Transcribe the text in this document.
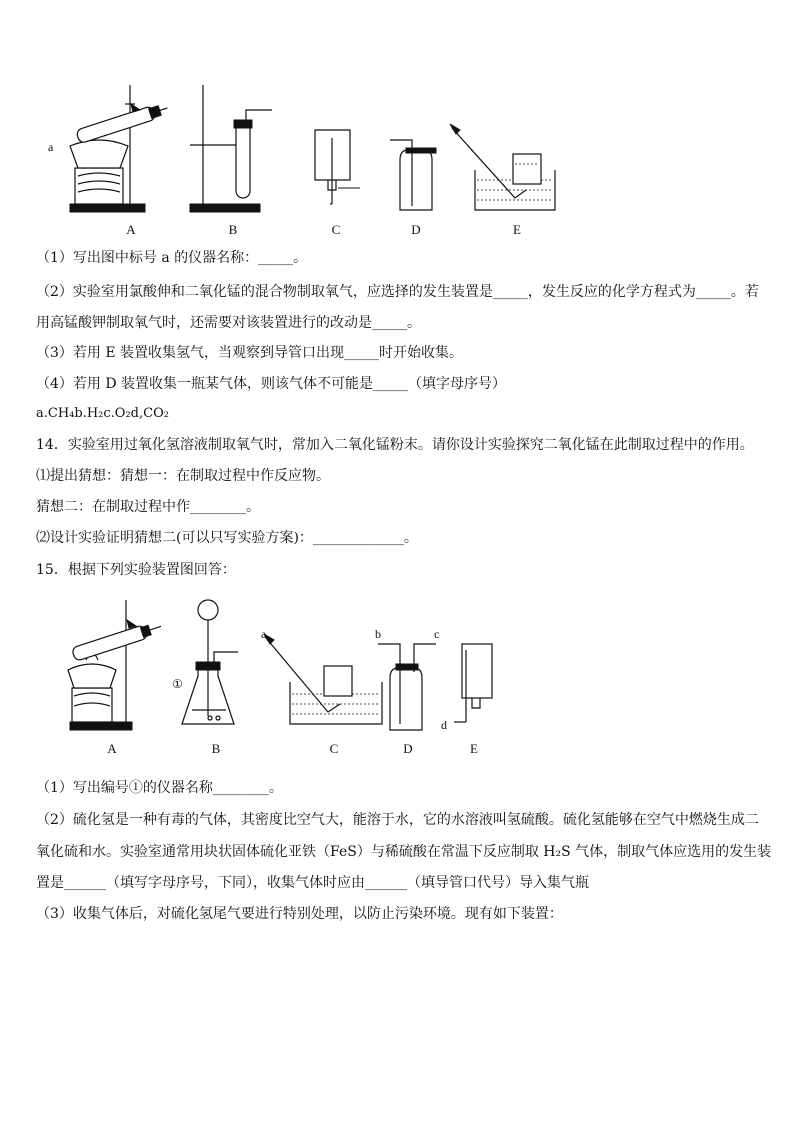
a
A	B	C	D	E
（1）写出图中标号 a 的仪器名称：_____。
（2）实验室用氯酸伸和二氧化锰的混合物制取氧气，应选择的发生装置是_____，发生反应的化学方程式为_____。若
用高锰酸钾制取氧气时，还需要对该装置进行的改动是_____。
（3）若用 E 装置收集氢气，当观察到导管口出现_____时开始收集。
（4）若用 D 装置收集一瓶某气体，则该气体不可能是_____（填字母序号）
a.CH₄b.H₂c.O₂d,CO₂
14．实验室用过氧化氢溶液制取氧气时，常加入二氧化锰粉末。请你设计实验探究二氧化锰在此制取过程中的作用。
⑴提出猜想：猜想一：在制取过程中作反应物。
猜想二：在制取过程中作________。
⑵设计实验证明猜想二(可以只写实验方案)：_____________。
15．根据下列实验装置图回答：
①
a	b	c
d
A	B	C	D	E
（1）写出编号①的仪器名称________。
（2）硫化氢是一种有毒的气体，其密度比空气大，能溶于水，它的水溶液叫氢硫酸。硫化氢能够在空气中燃烧生成二
氧化硫和水。实验室通常用块状固体硫化亚铁（FeS）与稀硫酸在常温下反应制取 H₂S 气体，制取气体应选用的发生装
置是______（填写字母序号，下同），收集气体时应由______（填导管口代号）导入集气瓶
（3）收集气体后，对硫化氢尾气要进行特别处理，以防止污染环境。现有如下装置：
